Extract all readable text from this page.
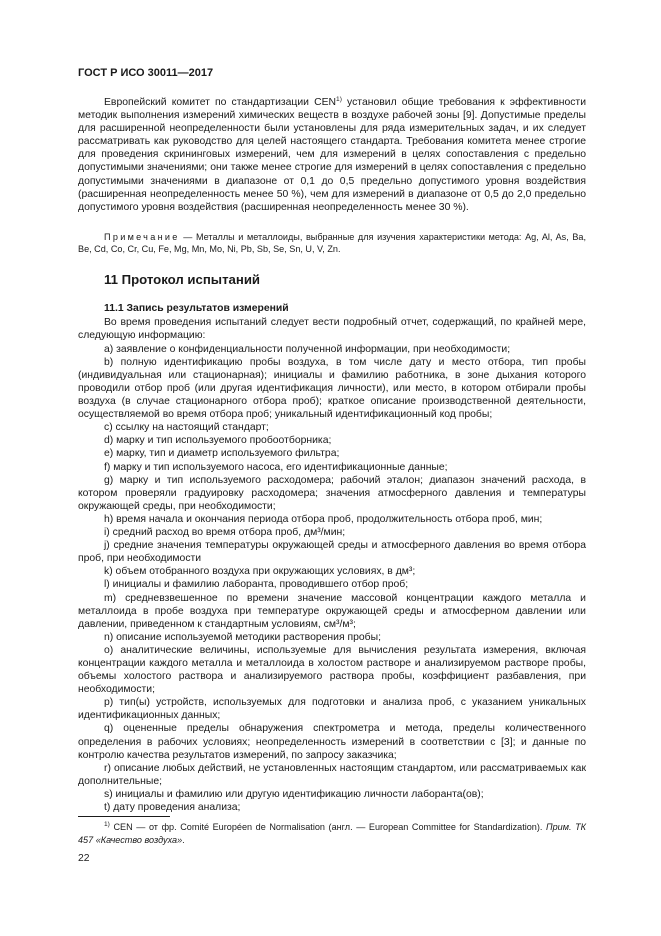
ГОСТ Р ИСО 30011—2017

Европейский комитет по стандартизации CEN$^{1)}$ установил общие требования к эффективности методик выполнения измерений химических веществ в воздухе рабочей зоны [9]. Допустимые пределы для расширенной неопределенности были установлены для ряда измерительных задач, и их следует рассматривать как руководство для целей настоящего стандарта. Требования комитета менее строгие для проведения скрининговых измерений, чем для измерений в целях сопоставления с предельно допустимыми значениями; они также менее строгие для измерений в целях сопоставления с предельно допустимыми значениями в диапазоне от 0,1 до 0,5 предельно допустимого уровня воздействия (расширенная неопределенность менее 50 %), чем для измерений в диапазоне от 0,5 до 2,0 предельно допустимого уровня воздействия (расширенная неопределенность менее 30 %).

Примечание — Металлы и металлоиды, выбранные для изучения характеристики метода: Ag, Al, As, Ba, Be, Cd, Co, Cr, Cu, Fe, Mg, Mn, Mo, Ni, Pb, Sb, Se, Sn, U, V, Zn.

11 Протокол испытаний

11.1 Запись результатов измерений

Во время проведения испытаний следует вести подробный отчет, содержащий, по крайней мере, следующую информацию:

a) заявление о конфиденциальности полученной информации, при необходимости;

b) полную идентификацию пробы воздуха, в том числе дату и место отбора, тип пробы (индивидуальная или стационарная); инициалы и фамилию работника, в зоне дыхания которого проводили отбор проб (или другая идентификация личности), или место, в котором отбирали пробы воздуха (в случае стационарного отбора проб); краткое описание производственной деятельности, осуществляемой во время отбора проб; уникальный идентификационный код пробы;

c) ссылку на настоящий стандарт;

d) марку и тип используемого пробоотборника;

e) марку, тип и диаметр используемого фильтра;

f) марку и тип используемого насоса, его идентификационные данные;

g) марку и тип используемого расходомера; рабочий эталон; диапазон значений расхода, в котором проверяли градуировку расходомера; значения атмосферного давления и температуры окружающей среды, при необходимости;

h) время начала и окончания периода отбора проб, продолжительность отбора проб, мин;

i) средний расход во время отбора проб, дм³/мин;

j) средние значения температуры окружающей среды и атмосферного давления во время отбора проб, при необходимости

k) объем отобранного воздуха при окружающих условиях, в дм³;

l) инициалы и фамилию лаборанта, проводившего отбор проб;

m) средневзвешенное по времени значение массовой концентрации каждого металла и металлоида в пробе воздуха при температуре окружающей среды и атмосферном давлении или давлении, приведенном к стандартным условиям, см³/м³;

n) описание используемой методики растворения пробы;

o) аналитические величины, используемые для вычисления результата измерения, включая концентрации каждого металла и металлоида в холостом растворе и анализируемом растворе пробы, объемы холостого раствора и анализируемого раствора пробы, коэффициент разбавления, при необходимости;

p) тип(ы) устройств, используемых для подготовки и анализа проб, с указанием уникальных идентификационных данных;

q) оцененные пределы обнаружения спектрометра и метода, пределы количественного определения в рабочих условиях; неопределенность измерений в соответствии с [3]; и данные по контролю качества результатов измерений, по запросу заказчика;

r) описание любых действий, не установленных настоящим стандартом, или рассматриваемых как дополнительные;

s) инициалы и фамилию или другую идентификацию личности лаборанта(ов);

t) дату проведения анализа;

$^{1)}$ CEN — от фр. Comité Européen de Normalisation (англ. — European Committee for Standardization). Прим. ТК 457 «Качество воздуха».
22
